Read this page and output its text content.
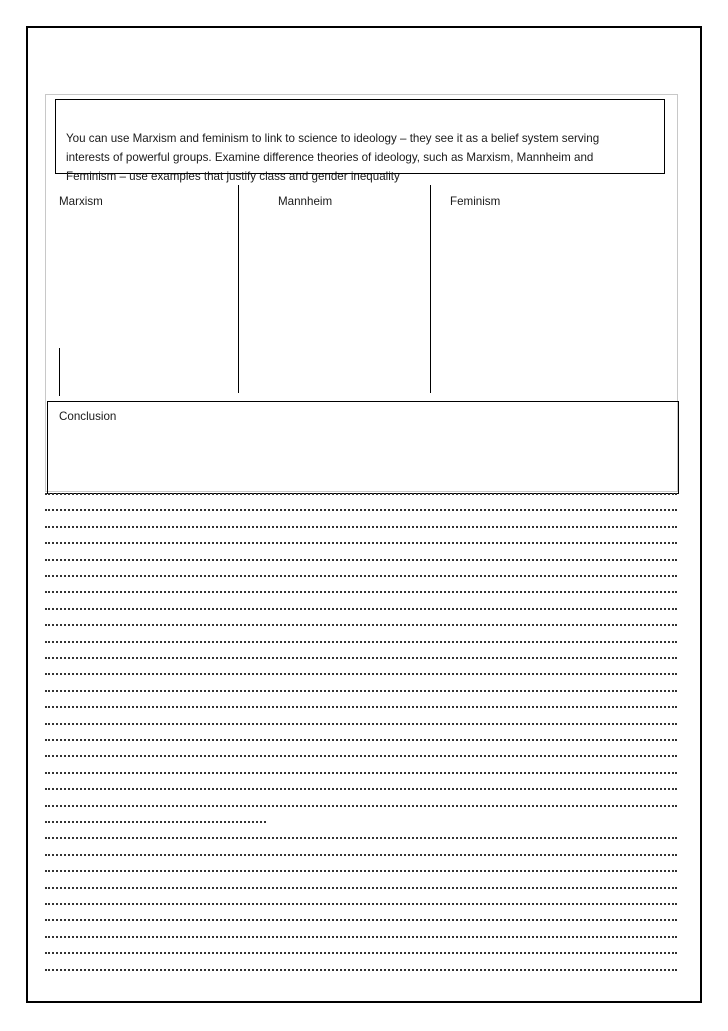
You can use Marxism and feminism to link to science to ideology – they see it as a belief system serving
interests of powerful groups. Examine difference theories of ideology, such as Marxism, Mannheim and
Feminism – use examples that justify class and gender inequality

Marxism	Mannheim	Feminism
Conclusion
